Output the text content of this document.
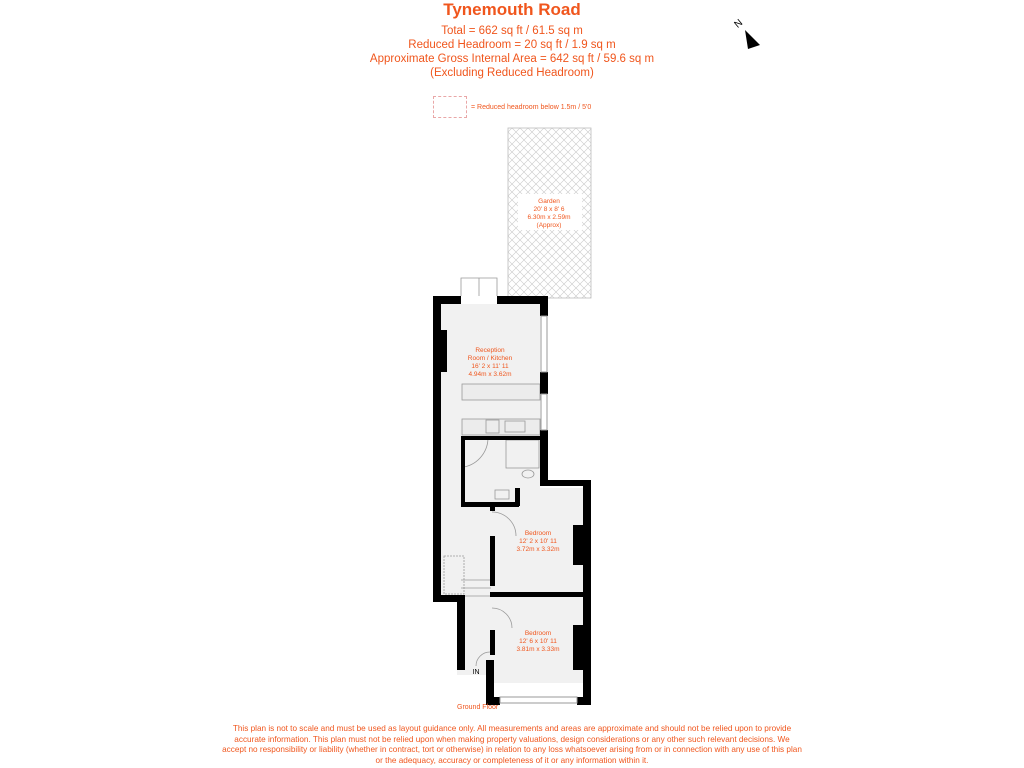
Tynemouth Road
Total = 662 sq ft / 61.5 sq m
Reduced Headroom = 20 sq ft / 1.9 sq m
Approximate Gross Internal Area = 642 sq ft / 59.6 sq m
(Excluding Reduced Headroom)
= Reduced headroom below 1.5m / 5'0
N
Garden
20' 8 x 8' 6
6.30m x 2.59m
(Approx)
Reception
Room / Kitchen
16' 2 x 11' 11
4.94m x 3.62m
Bedroom
12' 2 x 10' 11
3.72m x 3.32m
Bedroom
12' 6 x 10' 11
3.81m x 3.33m
IN
Ground Floor
This plan is not to scale and must be used as layout guidance only. All measurements and areas are approximate and should not be relied upon to provide accurate information. This plan must not be relied upon when making property valuations, design considerations or any other such relevant decisions. We accept no responsibility or liability (whether in contract, tort or otherwise) in relation to any loss whatsoever arising from or in connection with any use of this plan or the adequacy, accuracy or completeness of it or any information within it.
